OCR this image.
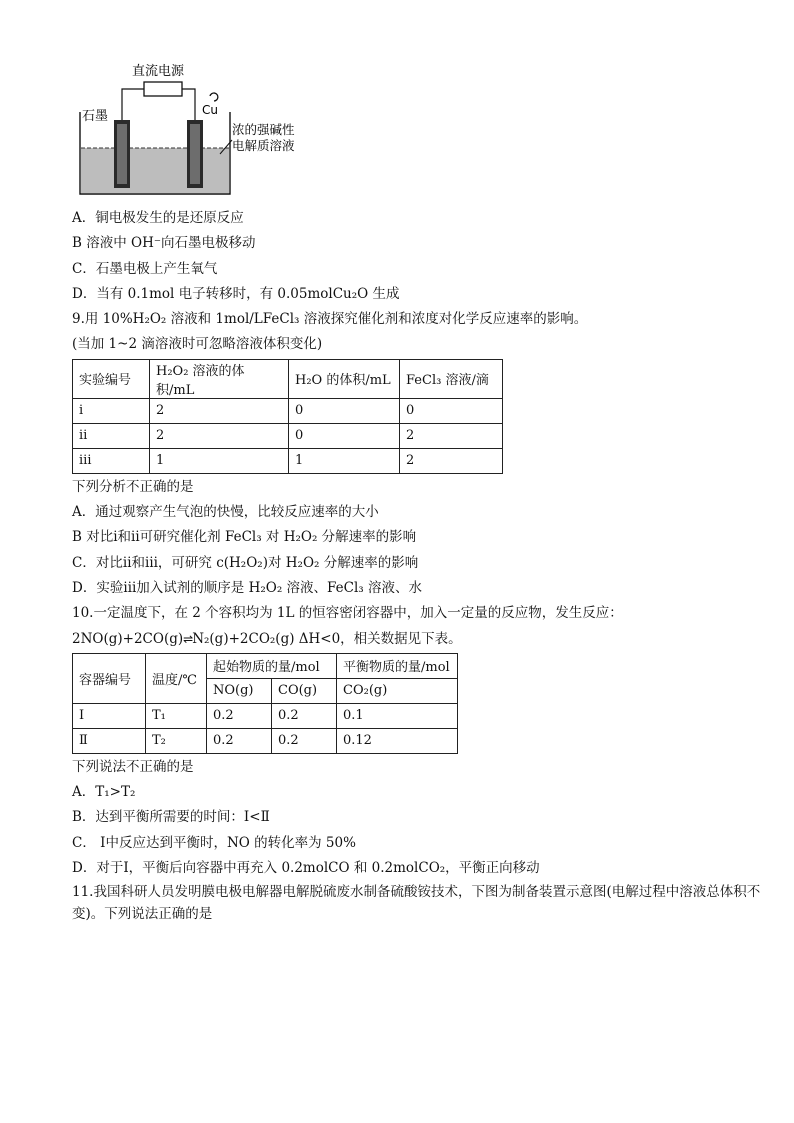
直流电源
石墨	Cu
浓的强碱性
电解质溶液
A．铜电极发生的是还原反应
B 溶液中 OH⁻向石墨电极移动
C．石墨电极上产生氧气
D．当有 0.1mol 电子转移时，有 0.05molCu₂O 生成
9.用 10%H₂O₂ 溶液和 1mol/LFeCl₃ 溶液探究催化剂和浓度对化学反应速率的影响。
(当加 1~2 滴溶液时可忽略溶液体积变化)
实验编号	H₂O₂ 溶液的体积/mL	H₂O 的体积/mL	FeCl₃ 溶液/滴
ⅰ	2	0	0
ⅱ	2	0	2
ⅲ	1	1	2
下列分析不正确的是
A．通过观察产生气泡的快慢，比较反应速率的大小
B 对比ⅰ和ⅱ可研究催化剂 FeCl₃ 对 H₂O₂ 分解速率的影响
C．对比ⅱ和ⅲ，可研究 c(H₂O₂)对 H₂O₂ 分解速率的影响
D．实验ⅲ加入试剂的顺序是 H₂O₂ 溶液、FeCl₃ 溶液、水
10.一定温度下，在 2 个容积均为 1L 的恒容密闭容器中，加入一定量的反应物，发生反应：
2NO(g)+2CO(g)⇌N₂(g)+2CO₂(g) ΔH<0，相关数据见下表。
容器编号	温度/℃	起始物质的量/mol		平衡物质的量/mol
		NO(g)	CO(g)	CO₂(g)
Ⅰ	T₁	0.2	0.2	0.1
Ⅱ	T₂	0.2	0.2	0.12
下列说法不正确的是
A．T₁>T₂
B．达到平衡所需要的时间：Ⅰ<Ⅱ
C． Ⅰ中反应达到平衡时，NO 的转化率为 50%
D．对于Ⅰ，平衡后向容器中再充入 0.2molCO 和 0.2molCO₂，平衡正向移动
11.我国科研人员发明膜电极电解器电解脱硫废水制备硫酸铵技术，下图为制备装置示意图(电解过程中溶液总体积不变)。下列说法正确的是
